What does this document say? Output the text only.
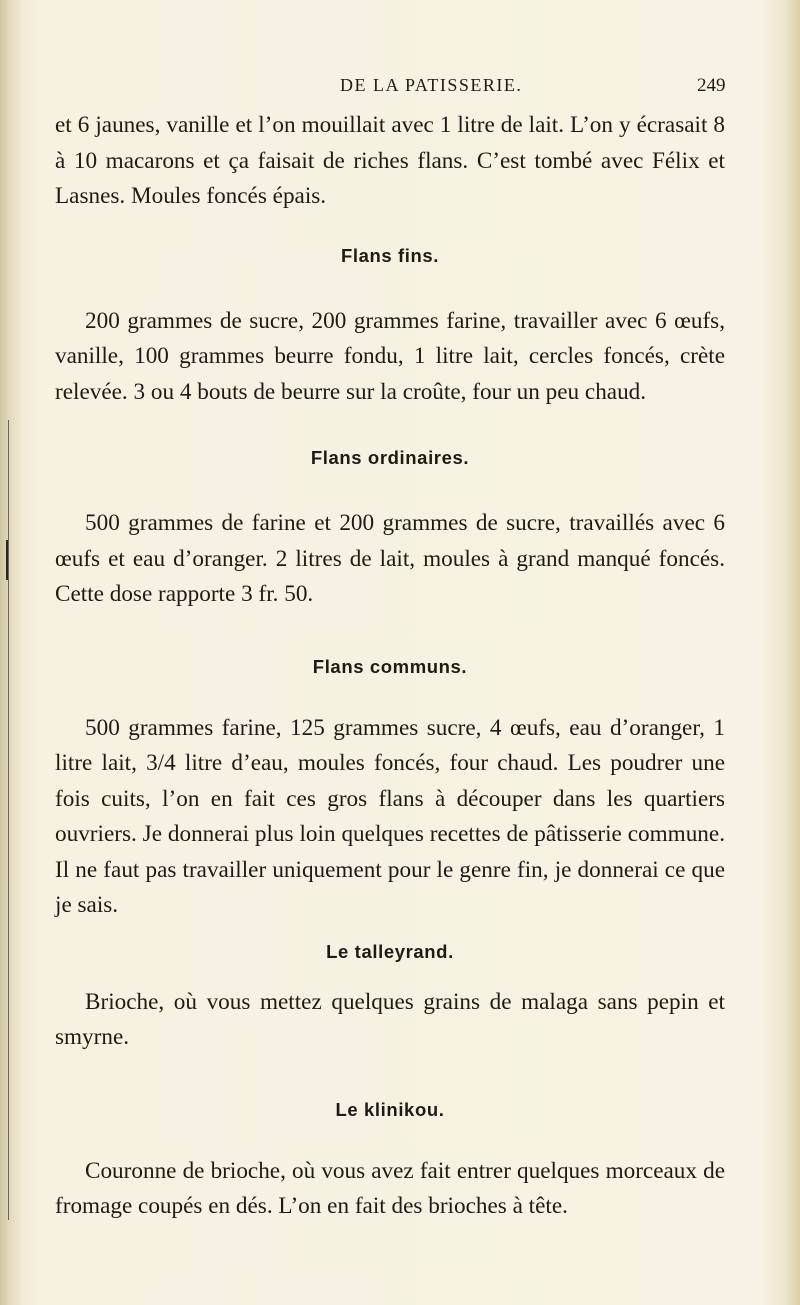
DE LA PATISSERIE.	249

et 6 jaunes, vanille et l’on mouillait avec 1 litre de lait. L’on y écrasait 8 à 10 macarons et ça faisait de riches flans. C’est tombé avec Félix et Lasnes. Moules foncés épais.

Flans fins.

200 grammes de sucre, 200 grammes farine, travailler avec 6 œufs, vanille, 100 grammes beurre fondu, 1 litre lait, cercles foncés, crète relevée. 3 ou 4 bouts de beurre sur la croûte, four un peu chaud.

Flans ordinaires.

500 grammes de farine et 200 grammes de sucre, travaillés avec 6 œufs et eau d’oranger. 2 litres de lait, moules à grand manqué foncés. Cette dose rapporte 3 fr. 50.

Flans communs.

500 grammes farine, 125 grammes sucre, 4 œufs, eau d’oranger, 1 litre lait, 3/4 litre d’eau, moules foncés, four chaud. Les poudrer une fois cuits, l’on en fait ces gros flans à découper dans les quartiers ouvriers. Je donnerai plus loin quelques recettes de pâtisserie commune. Il ne faut pas travailler uniquement pour le genre fin, je donnerai ce que je sais.

Le talleyrand.

Brioche, où vous mettez quelques grains de malaga sans pepin et smyrne.

Le klinikou.

Couronne de brioche, où vous avez fait entrer quelques morceaux de fromage coupés en dés. L’on en fait des brioches à tête.
